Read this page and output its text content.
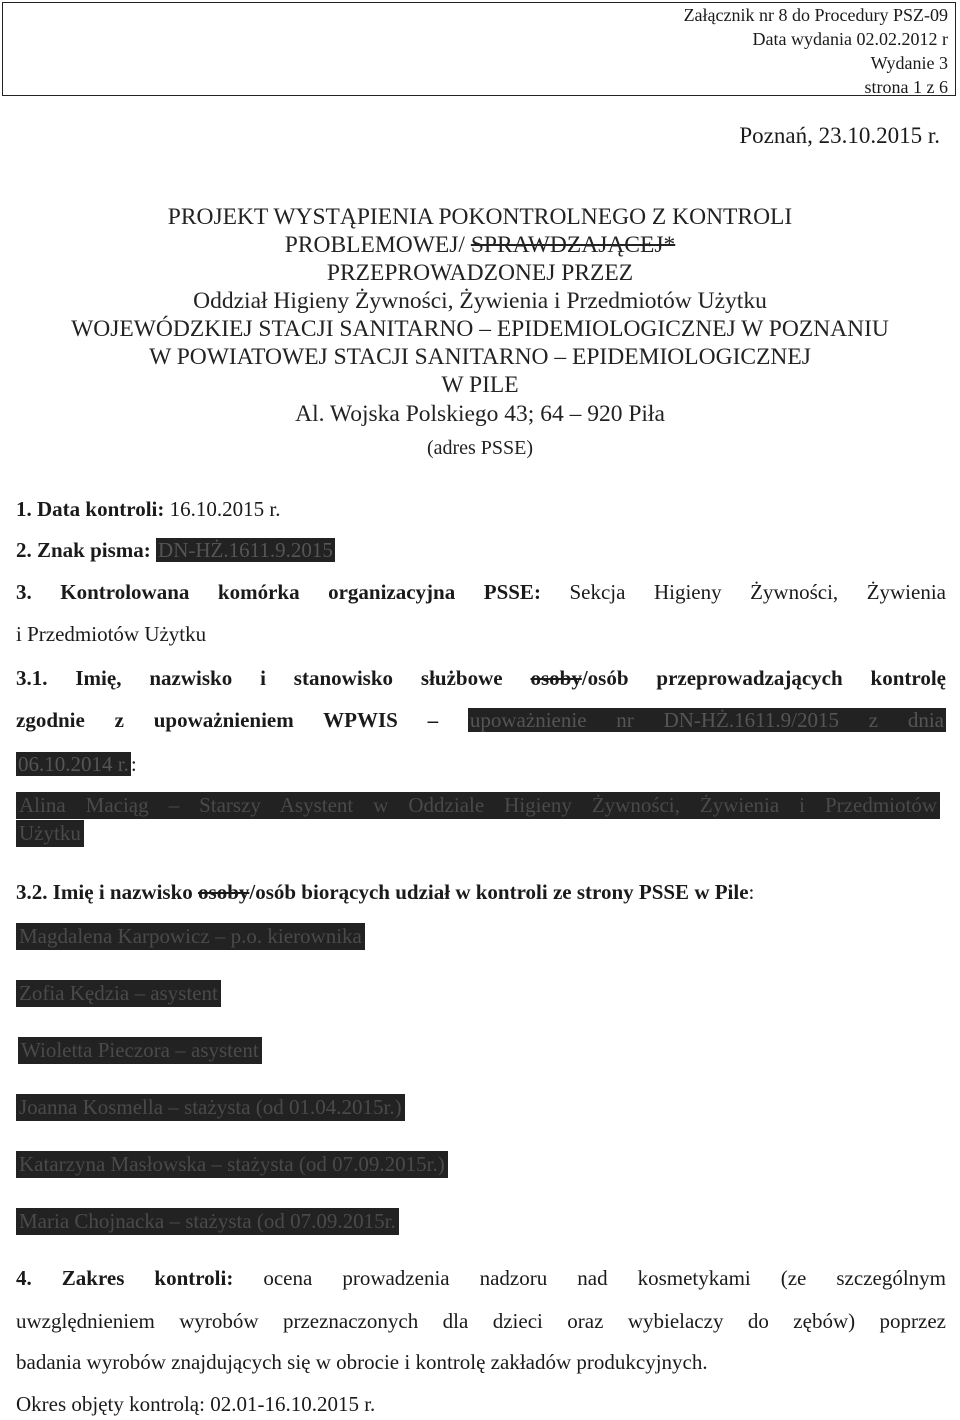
Załącznik nr 8 do Procedury PSZ-09
Data wydania 02.02.2012 r
Wydanie 3
strona 1 z 6
Poznań, 23.10.2015 r.
PROJEKT WYSTĄPIENIA POKONTROLNEGO Z KONTROLI
PROBLEMOWEJ/ SPRAWDZAJĄCEJ*
PRZEPROWADZONEJ PRZEZ
Oddział Higieny Żywności, Żywienia i Przedmiotów Użytku
WOJEWÓDZKIEJ STACJI SANITARNO – EPIDEMIOLOGICZNEJ W POZNANIU
W POWIATOWEJ STACJI SANITARNO – EPIDEMIOLOGICZNEJ
W PILE
Al. Wojska Polskiego 43; 64 – 920 Piła
(adres PSSE)
1. Data kontroli: 16.10.2015 r.
2. Znak pisma: DN-HŻ.1611.9.2015
3. Kontrolowana komórka organizacyjna PSSE: Sekcja Higieny Żywności, Żywienia
i Przedmiotów Użytku
3.1. Imię, nazwisko i stanowisko służbowe osoby/osób przeprowadzających kontrolę
zgodnie z upoważnieniem WPWIS – upoważnienie nr DN-HŻ.1611.9/2015 z dnia
06.10.2014 r.:
Alina Maciąg – Starszy Asystent w Oddziale Higieny Żywności, Żywienia i Przedmiotów
Użytku
3.2. Imię i nazwisko osoby/osób biorących udział w kontroli ze strony PSSE w Pile:
Magdalena Karpowicz – p.o. kierownika
Zofia Kędzia – asystent
Wioletta Pieczora – asystent
Joanna Kosmella – stażysta (od 01.04.2015r.)
Katarzyna Masłowska – stażysta (od 07.09.2015r.)
Maria Chojnacka – stażysta (od 07.09.2015r.
4. Zakres kontroli: ocena prowadzenia nadzoru nad kosmetykami (ze szczególnym
uwzględnieniem wyrobów przeznaczonych dla dzieci oraz wybielaczy do zębów) poprzez
badania wyrobów znajdujących się w obrocie i kontrolę zakładów produkcyjnych.
Okres objęty kontrolą: 02.01-16.10.2015 r.
